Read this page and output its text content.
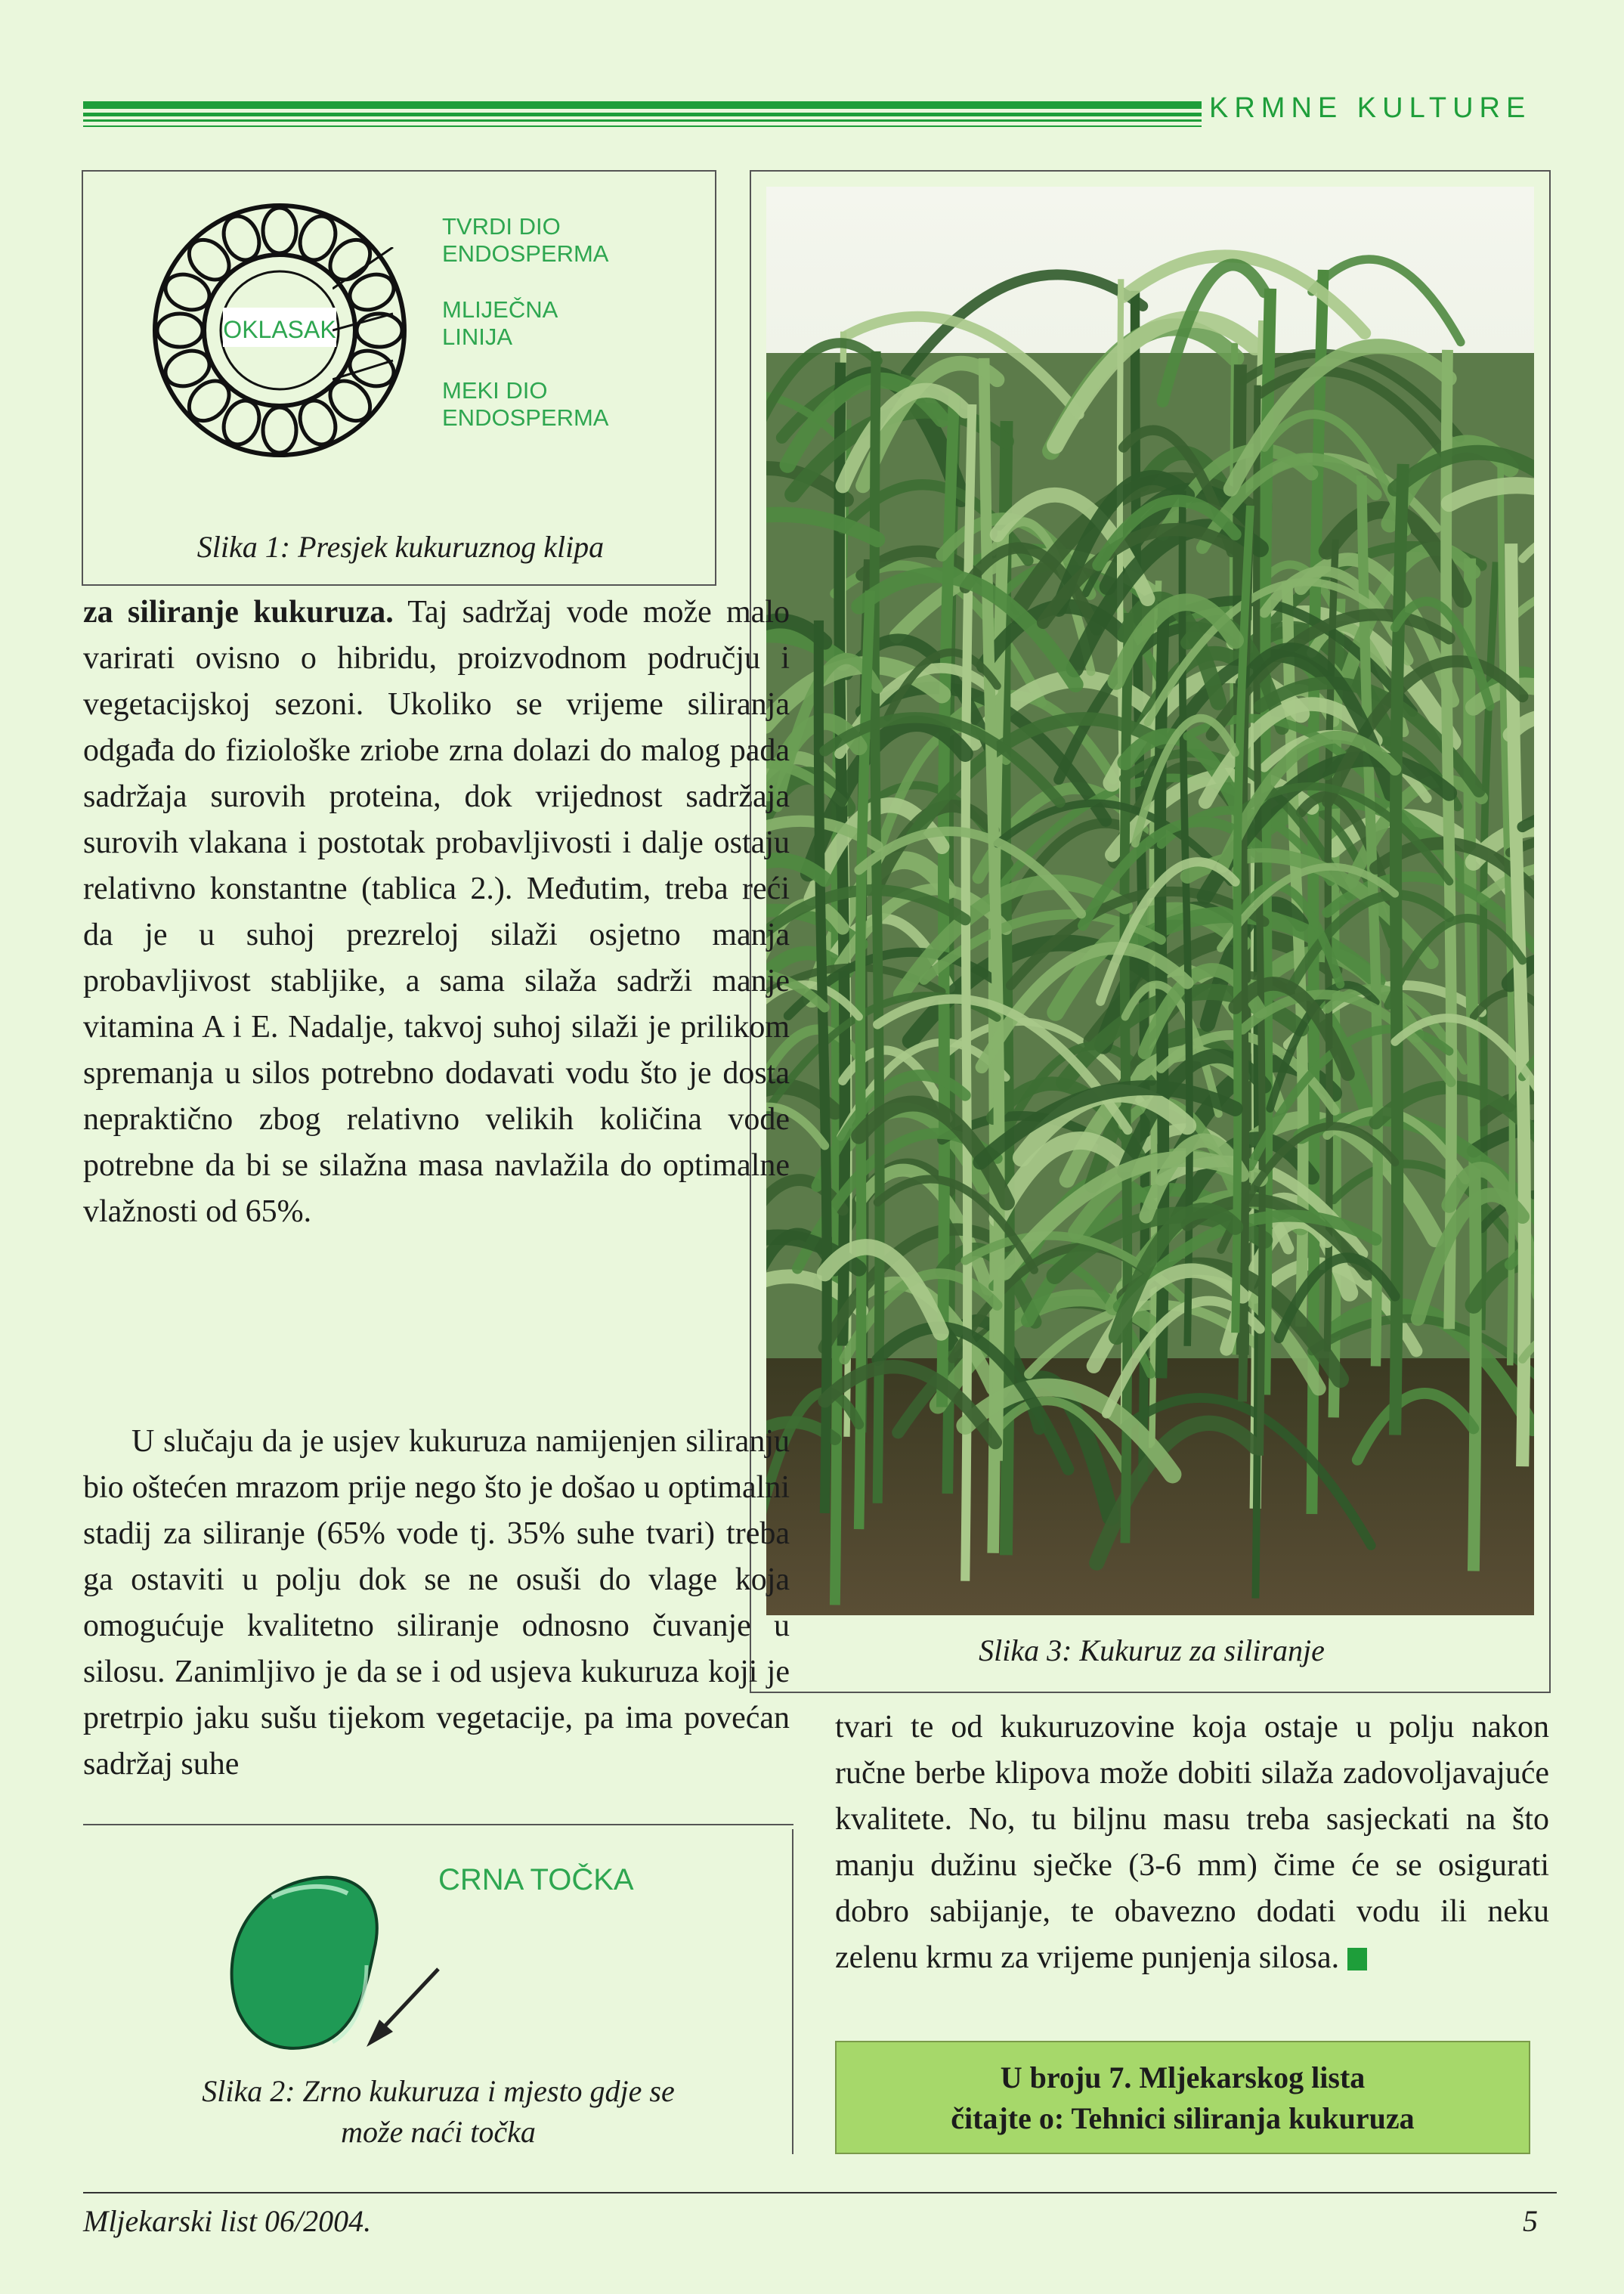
KRMNE KULTURE
OKLASAK
TVRDI DIO
ENDOSPERMA
MLIJEČNA
LINIJA
MEKI DIO
ENDOSPERMA
Slika 1: Presjek kukuruznog klipa
Slika 3: Kukuruz za siliranje

za siliranje kukuruza. Taj sadržaj vode može malo varirati ovisno o hibridu, proizvodnom području i vegetacijskoj sezoni. Ukoliko se vrijeme siliranja odgađa do fiziološke zriobe zrna dolazi do malog pada sadržaja surovih proteina, dok vrijednost sadržaja surovih vlakana i postotak probavljivosti i dalje ostaju relativno konstantne (tablica 2.). Međutim, treba reći da je u suhoj prezreloj silaži osjetno manja probavljivost stabljike, a sama silaža sadrži manje vitamina A i E. Nadalje, takvoj suhoj silaži je prilikom spremanja u silos potrebno dodavati vodu što je dosta nepraktično zbog relativno velikih količina vode potrebne da bi se silažna masa navlažila do optimalne vlažnosti od 65%.

U slučaju da je usjev kukuruza namijenjen siliranju bio oštećen mrazom prije nego što je došao u optimalni stadij za siliranje (65% vode tj. 35% suhe tvari) treba ga ostaviti u polju dok se ne osuši do vlage koja omogućuje kvalitetno siliranje odnosno čuvanje u silosu. Zanimljivo je da se i od usjeva kukuruza koji je pretrpio jaku sušu tijekom vegetacije, pa ima povećan sadržaj suhe

CRNA TOČKA
Slika 2: Zrno kukuruza i mjesto gdje se
može naći točka

tvari te od kukuruzovine koja ostaje u polju nakon ručne berbe klipova može dobiti silaža zadovoljavajuće kvalitete. No, tu biljnu masu treba sasjeckati na što manju dužinu sječke (3-6 mm) čime će se osigurati dobro sabijanje, te obavezno dodati vodu ili neku zelenu krmu za vrijeme punjenja silosa.

U broju 7. Mljekarskog lista
čitajte o: Tehnici siliranja kukuruza
Mljekarski list 06/2004.	5
